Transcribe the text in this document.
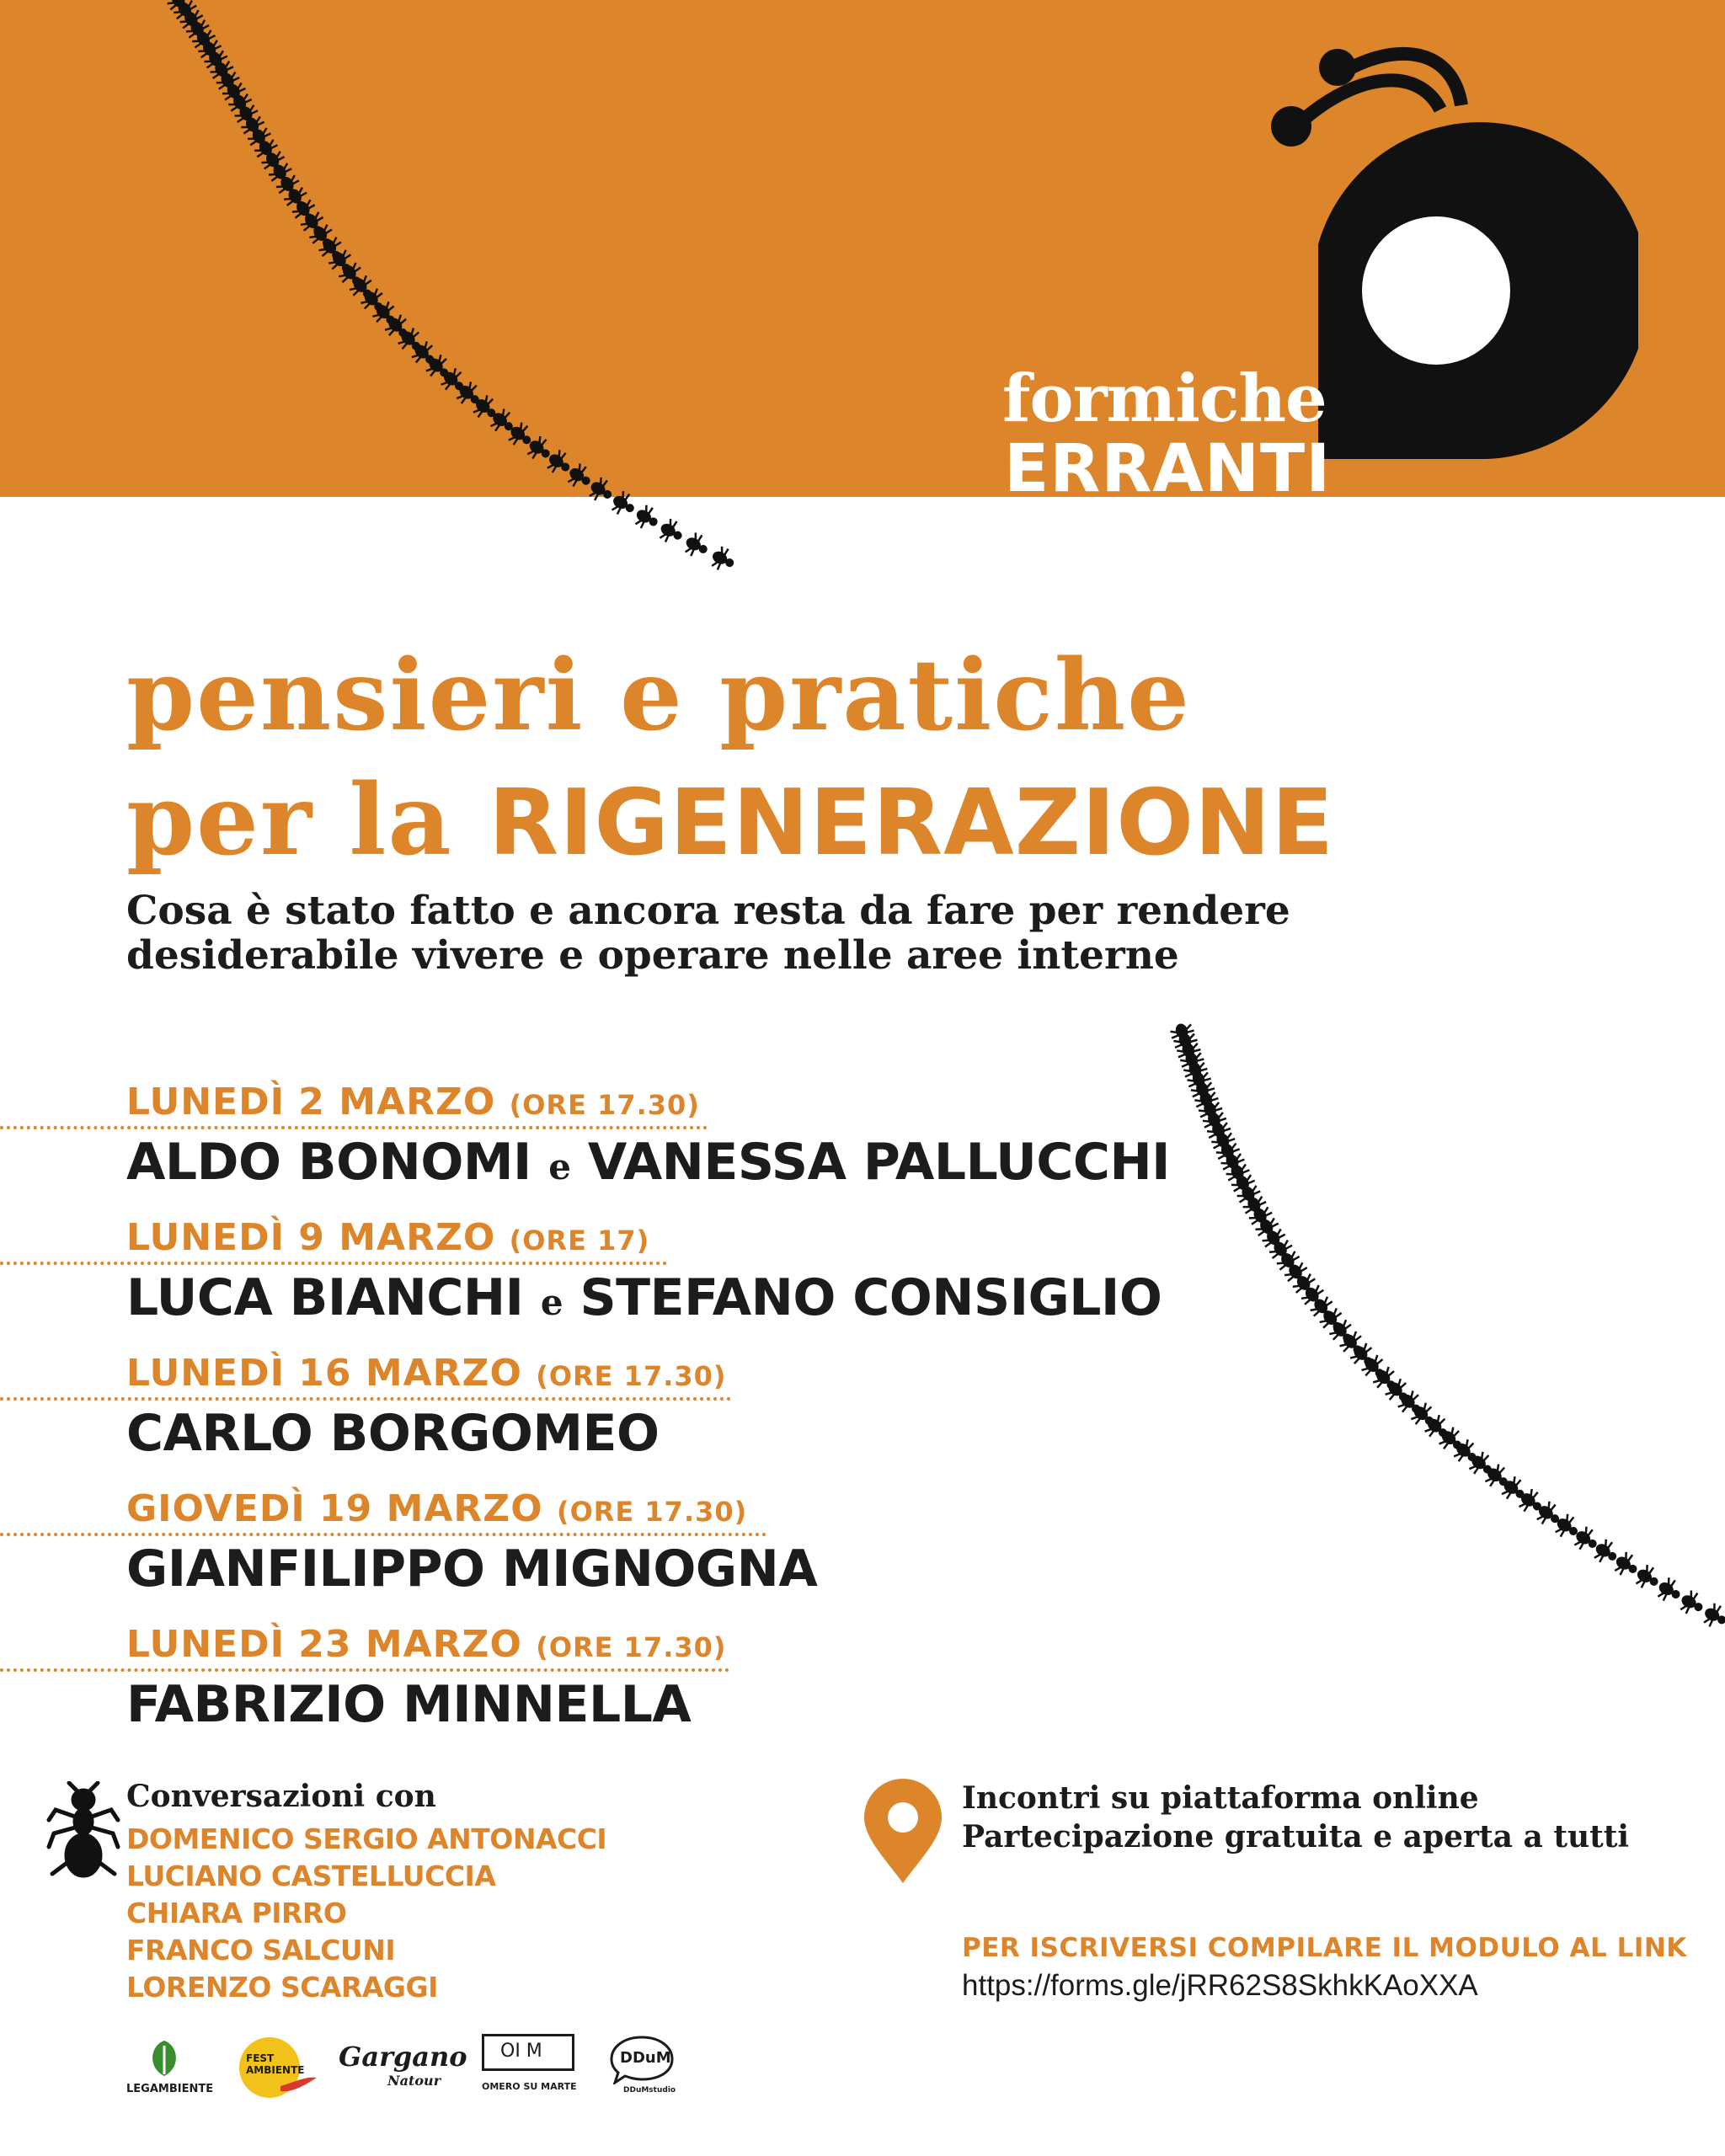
formiche
ERRANTI
pensieri e pratiche
per la RIGENERAZIONE
Cosa è stato fatto e ancora resta da fare per rendere
desiderabile vivere e operare nelle aree interne
LUNEDÌ 2 MARZO (ORE 17.30)
ALDO BONOMI e VANESSA PALLUCCHI
LUNEDÌ 9 MARZO (ORE 17)
LUCA BIANCHI e STEFANO CONSIGLIO
LUNEDÌ 16 MARZO (ORE 17.30)
CARLO BORGOMEO
GIOVEDÌ 19 MARZO (ORE 17.30)
GIANFILIPPO MIGNOGNA
LUNEDÌ 23 MARZO (ORE 17.30)
FABRIZIO MINNELLA
Conversazioni con
DOMENICO SERGIO ANTONACCI
LUCIANO CASTELLUCCIA
CHIARA PIRRO
FRANCO SALCUNI
LORENZO SCARAGGI
Incontri su piattaforma online
Partecipazione gratuita e aperta a tutti
PER ISCRIVERSI COMPILARE IL MODULO AL LINK
https://forms.gle/jRR62S8SkhkKAoXXA
LEGAMBIENTE
FEST
AMBIENTE Gargano
Natour
OI M
OMERO SU MARTE
DDuM
DDuMstudio
